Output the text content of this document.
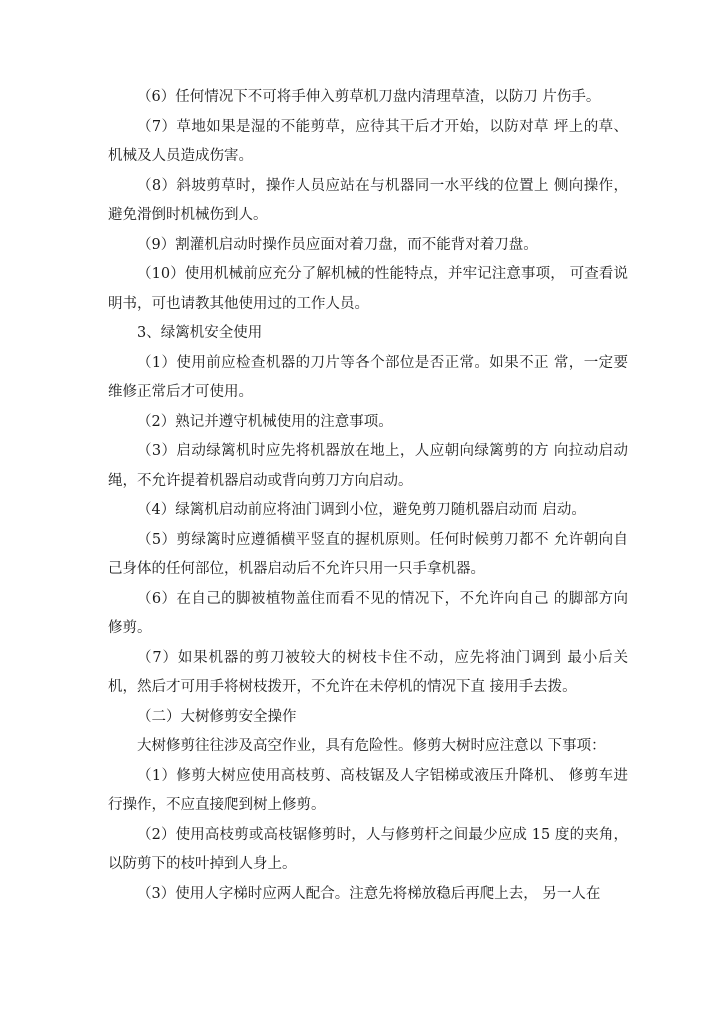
（6）任何情况下不可将手伸入剪草机刀盘内清理草渣，以防刀 片伤手。

（7）草地如果是湿的不能剪草，应待其干后才开始，以防对草 坪上的草、机械及人员造成伤害。

（8）斜坡剪草时，操作人员应站在与机器同一水平线的位置上 侧向操作，避免滑倒时机械伤到人。

（9）割灌机启动时操作员应面对着刀盘，而不能背对着刀盘。

（10）使用机械前应充分了解机械的性能特点，并牢记注意事项， 可查看说明书，可也请教其他使用过的工作人员。

3、绿篱机安全使用

（1）使用前应检查机器的刀片等各个部位是否正常。如果不正 常，一定要维修正常后才可使用。

（2）熟记并遵守机械使用的注意事项。

（3）启动绿篱机时应先将机器放在地上，人应朝向绿篱剪的方 向拉动启动绳，不允许提着机器启动或背向剪刀方向启动。

（4）绿篱机启动前应将油门调到小位，避免剪刀随机器启动而 启动。

（5）剪绿篱时应遵循横平竖直的握机原则。任何时候剪刀都不 允许朝向自己身体的任何部位，机器启动后不允许只用一只手拿机器。

（6）在自己的脚被植物盖住而看不见的情况下，不允许向自己 的脚部方向修剪。

（7）如果机器的剪刀被较大的树枝卡住不动，应先将油门调到 最小后关机，然后才可用手将树枝拨开，不允许在未停机的情况下直 接用手去拨。

（二）大树修剪安全操作

大树修剪往往涉及高空作业，具有危险性。修剪大树时应注意以 下事项：

（1）修剪大树应使用高枝剪、高枝锯及人字铝梯或液压升降机、 修剪车进行操作，不应直接爬到树上修剪。

（2）使用高枝剪或高枝锯修剪时，人与修剪杆之间最少应成 15 度的夹角，以防剪下的枝叶掉到人身上。

（3）使用人字梯时应两人配合。注意先将梯放稳后再爬上去， 另一人在
